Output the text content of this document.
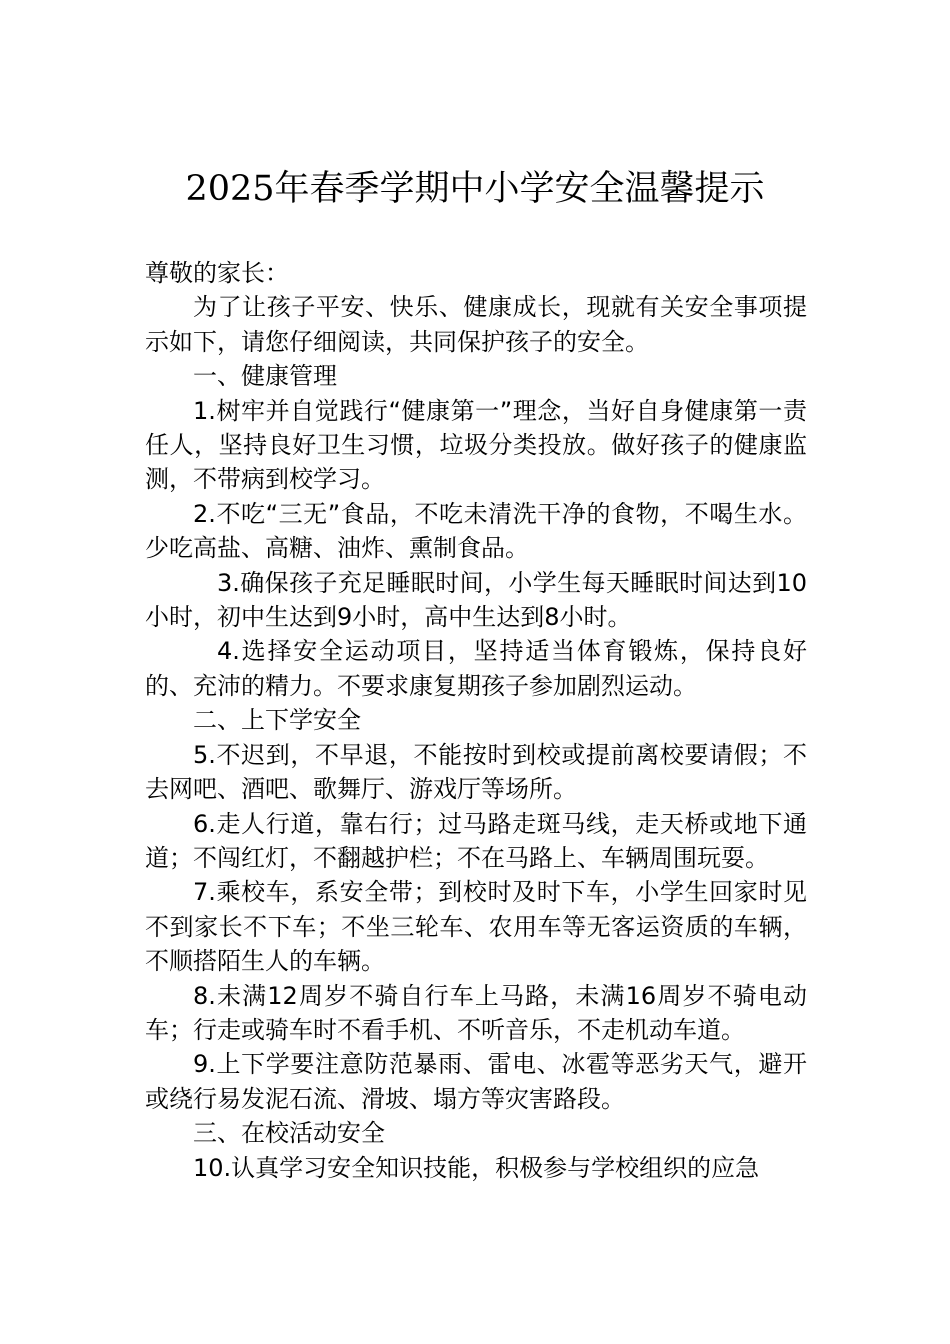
2025年春季学期中小学安全温馨提示

尊敬的家长：

为了让孩子平安、快乐、健康成长，现就有关安全事项提示如下，请您仔细阅读，共同保护孩子的安全。

一、健康管理

1.树牢并自觉践行“健康第一”理念，当好自身健康第一责任人，坚持良好卫生习惯，垃圾分类投放。做好孩子的健康监测，不带病到校学习。

2.不吃“三无”食品，不吃未清洗干净的食物，不喝生水。少吃高盐、高糖、油炸、熏制食品。

3.确保孩子充足睡眠时间，小学生每天睡眠时间达到10小时，初中生达到9小时，高中生达到8小时。

4.选择安全运动项目，坚持适当体育锻炼，保持良好的、充沛的精力。不要求康复期孩子参加剧烈运动。

二、上下学安全

5.不迟到，不早退，不能按时到校或提前离校要请假；不去网吧、酒吧、歌舞厅、游戏厅等场所。

6.走人行道，靠右行；过马路走斑马线，走天桥或地下通道；不闯红灯，不翻越护栏；不在马路上、车辆周围玩耍。

7.乘校车，系安全带；到校时及时下车，小学生回家时见不到家长不下车；不坐三轮车、农用车等无客运资质的车辆，不顺搭陌生人的车辆。

8.未满12周岁不骑自行车上马路，未满16周岁不骑电动车；行走或骑车时不看手机、不听音乐，不走机动车道。

9.上下学要注意防范暴雨、雷电、冰雹等恶劣天气，避开或绕行易发泥石流、滑坡、塌方等灾害路段。

三、在校活动安全

10.认真学习安全知识技能，积极参与学校组织的应急
